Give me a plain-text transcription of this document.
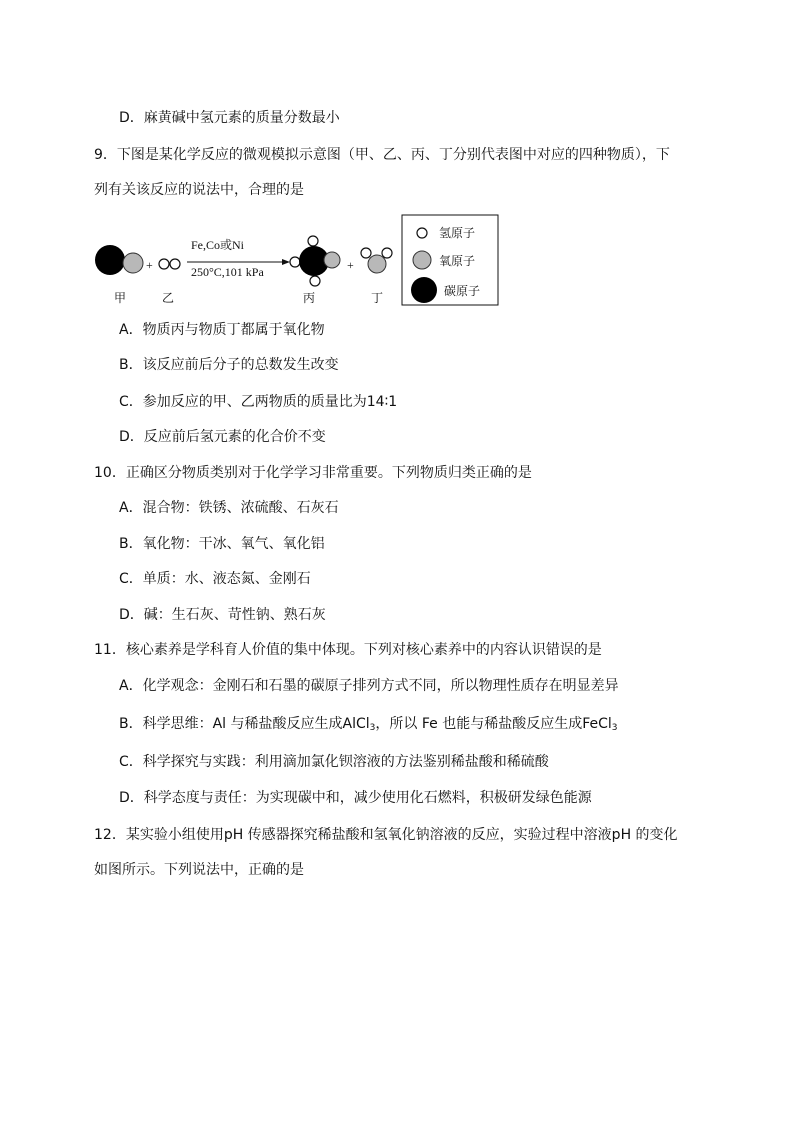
D．麻黄碱中氢元素的质量分数最小
9．下图是某化学反应的微观模拟示意图（甲、乙、丙、丁分别代表图中对应的四种物质），下
列有关该反应的说法中，合理的是
+
Fe,Co或Ni
250°C,101 kPa	+
甲	乙	丙	丁
氢原子
氧原子
碳原子
A．物质丙与物质丁都属于氧化物
B．该反应前后分子的总数发生改变
C．参加反应的甲、乙两物质的质量比为14∶1
D．反应前后氢元素的化合价不变
10．正确区分物质类别对于化学学习非常重要。下列物质归类正确的是
A．混合物：铁锈、浓硫酸、石灰石
B．氧化物：干冰、氧气、氧化铝
C．单质：水、液态氮、金刚石
D．碱：生石灰、苛性钠、熟石灰
11．核心素养是学科育人价值的集中体现。下列对核心素养中的内容认识错误的是
A．化学观念：金刚石和石墨的碳原子排列方式不同，所以物理性质存在明显差异
B．科学思维：Al 与稀盐酸反应生成AlCl$_3$，所以 Fe 也能与稀盐酸反应生成FeCl$_3$
C．科学探究与实践：利用滴加氯化钡溶液的方法鉴别稀盐酸和稀硫酸
D．科学态度与责任：为实现碳中和，减少使用化石燃料，积极研发绿色能源
12．某实验小组使用pH 传感器探究稀盐酸和氢氧化钠溶液的反应，实验过程中溶液pH 的变化
如图所示。下列说法中，正确的是
